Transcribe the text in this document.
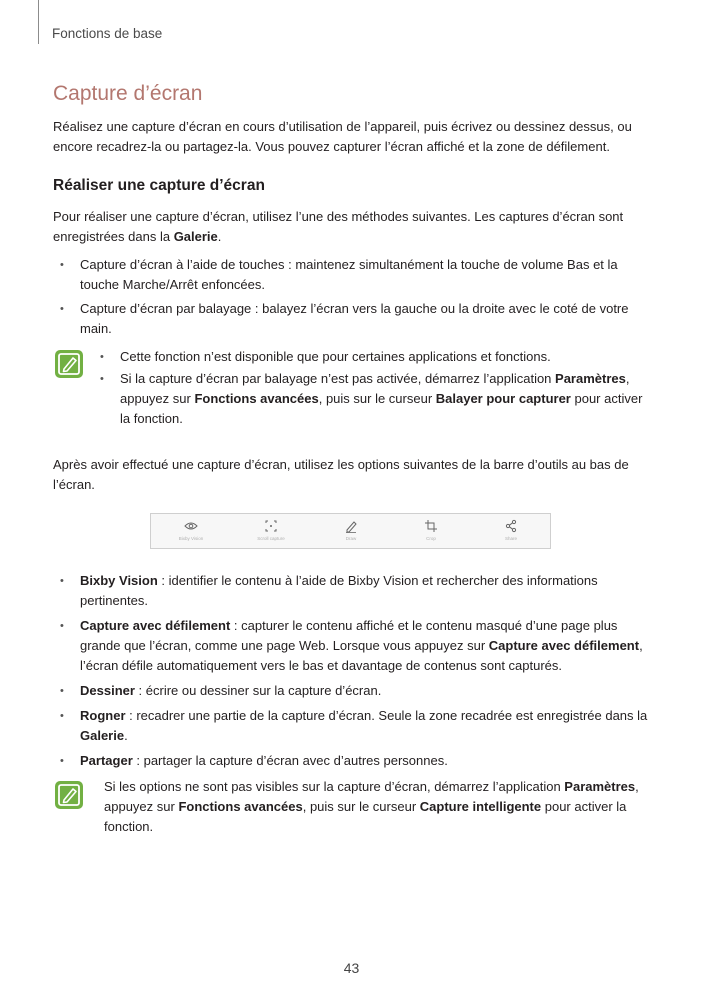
Fonctions de base
Capture d’écran

Réalisez une capture d’écran en cours d’utilisation de l’appareil, puis écrivez ou dessinez dessus, ou encore recadrez-la ou partagez-la. Vous pouvez capturer l’écran affiché et la zone de défilement.

Réaliser une capture d’écran

Pour réaliser une capture d’écran, utilisez l’une des méthodes suivantes. Les captures d’écran sont enregistrées dans la Galerie.

• Capture d’écran à l’aide de touches : maintenez simultanément la touche de volume Bas et la touche Marche/Arrêt enfoncées.
• Capture d’écran par balayage : balayez l’écran vers la gauche ou la droite avec le coté de votre main.
• Cette fonction n’est disponible que pour certaines applications et fonctions.
• Si la capture d’écran par balayage n’est pas activée, démarrez l’application Paramètres, appuyez sur Fonctions avancées, puis sur le curseur Balayer pour capturer pour activer la fonction.

Après avoir effectué une capture d’écran, utilisez les options suivantes de la barre d’outils au bas de l’écran.

Bixby Vision	Scroll capture	Draw	Crop	Share
• Bixby Vision : identifier le contenu à l’aide de Bixby Vision et rechercher des informations pertinentes.
• Capture avec défilement : capturer le contenu affiché et le contenu masqué d’une page plus grande que l’écran, comme une page Web. Lorsque vous appuyez sur Capture avec défilement, l’écran défile automatiquement vers le bas et davantage de contenus sont capturés.
• Dessiner : écrire ou dessiner sur la capture d’écran.
• Rogner : recadrer une partie de la capture d’écran. Seule la zone recadrée est enregistrée dans la Galerie.
• Partager : partager la capture d’écran avec d’autres personnes.

Si les options ne sont pas visibles sur la capture d’écran, démarrez l’application Paramètres, appuyez sur Fonctions avancées, puis sur le curseur Capture intelligente pour activer la fonction.

43
